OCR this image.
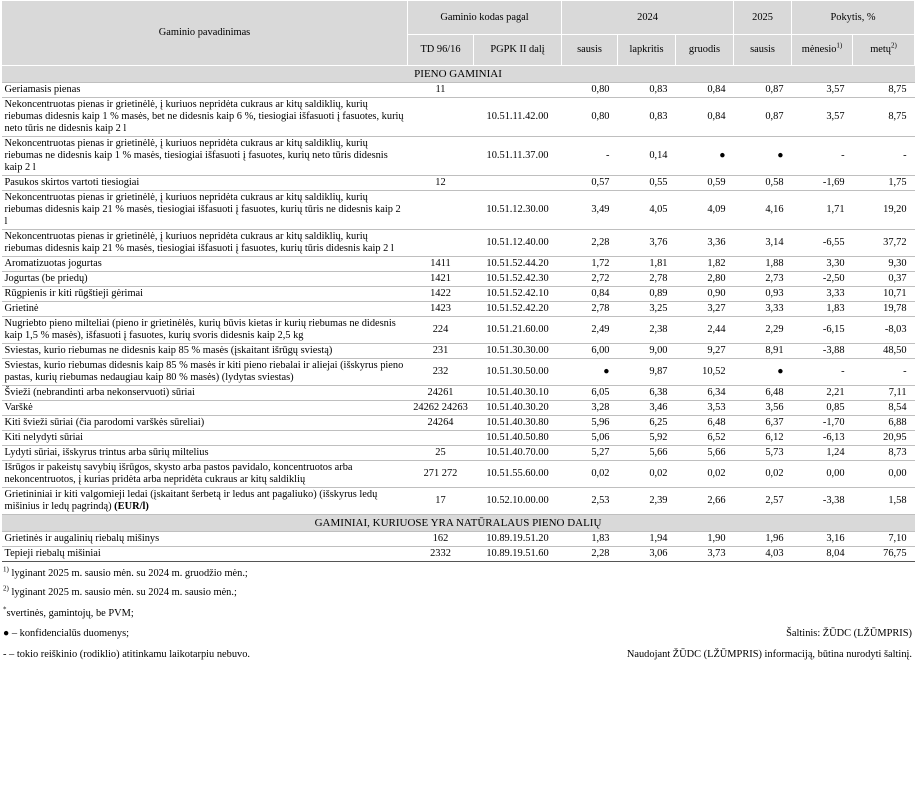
Gaminio pavadinimas	Gaminio kodas pagal		2024			2025	Pokytis, %	
	TD 96/16	PGPK II dalį	sausis	lapkritis	gruodis	sausis	mėnesio$^{1)}$	metų$^{2)}$
PIENO GAMINIAI								
Geriamasis pienas	11		0,80	0,83	0,84	0,87	3,57	8,75
Nekoncentruotas pienas ir grietinėlė, į kuriuos nepridėta cukraus ar kitų saldiklių, kurių riebumas didesnis kaip 1 % masės, bet ne didesnis kaip 6 %, tiesiogiai išfasuoti į fasuotes, kurių neto tūris ne didesnis kaip 2 l		10.51.11.42.00	0,80	0,83	0,84	0,87	3,57	8,75
Nekoncentruotas pienas ir grietinėlė, į kuriuos nepridėta cukraus ar kitų saldiklių, kurių riebumas ne didesnis kaip 1 % masės, tiesiogiai išfasuoti į fasuotes, kurių neto tūris didesnis kaip 2 l		10.51.11.37.00	-	0,14	●	●	-	-
Pasukos skirtos vartoti tiesiogiai	12		0,57	0,55	0,59	0,58	-1,69	1,75
Nekoncentruotas pienas ir grietinėlė, į kuriuos nepridėta cukraus ar kitų saldiklių, kurių riebumas didesnis kaip 21 % masės, tiesiogiai išfasuoti į fasuotes, kurių tūris ne didesnis kaip 2 l		10.51.12.30.00	3,49	4,05	4,09	4,16	1,71	19,20
Nekoncentruotas pienas ir grietinėlė, į kuriuos nepridėta cukraus ar kitų saldiklių, kurių riebumas didesnis kaip 21 % masės, tiesiogiai išfasuoti į fasuotes, kurių tūris didesnis kaip 2 l		10.51.12.40.00	2,28	3,76	3,36	3,14	-6,55	37,72
Aromatizuotas jogurtas	1411	10.51.52.44.20	1,72	1,81	1,82	1,88	3,30	9,30
Jogurtas (be priedų)	1421	10.51.52.42.30	2,72	2,78	2,80	2,73	-2,50	0,37
Rūgpienis ir kiti rūgštieji gėrimai	1422	10.51.52.42.10	0,84	0,89	0,90	0,93	3,33	10,71
Grietinė	1423	10.51.52.42.20	2,78	3,25	3,27	3,33	1,83	19,78
Nugriebto pieno milteliai (pieno ir grietinėlės, kurių būvis kietas ir kurių riebumas ne didesnis kaip 1,5 % masės), išfasuoti į fasuotes, kurių svoris didesnis kaip 2,5 kg	224	10.51.21.60.00	2,49	2,38	2,44	2,29	-6,15	-8,03
Sviestas, kurio riebumas ne didesnis kaip 85 % masės (įskaitant išrūgų sviestą)	231	10.51.30.30.00	6,00	9,00	9,27	8,91	-3,88	48,50
Sviestas, kurio riebumas didesnis kaip 85 % masės ir kiti pieno riebalai ir aliejai (išskyrus pieno pastas, kurių riebumas nedaugiau kaip 80 % masės) (lydytas sviestas)	232	10.51.30.50.00	●	9,87	10,52	●	-	-
Švieži (nebrandinti arba nekonservuoti) sūriai	24261	10.51.40.30.10	6,05	6,38	6,34	6,48	2,21	7,11
Varškė	24262 24263	10.51.40.30.20	3,28	3,46	3,53	3,56	0,85	8,54
Kiti švieži sūriai (čia parodomi varškės sūreliai)	24264	10.51.40.30.80	5,96	6,25	6,48	6,37	-1,70	6,88
Kiti nelydyti sūriai		10.51.40.50.80	5,06	5,92	6,52	6,12	-6,13	20,95
Lydyti sūriai, išskyrus trintus arba sūrių miltelius	25	10.51.40.70.00	5,27	5,66	5,66	5,73	1,24	8,73
Išrūgos ir pakeistų savybių išrūgos, skysto arba pastos pavidalo, koncentruotos arba nekoncentruotos, į kurias pridėta arba nepridėta cukraus ar kitų saldiklių	271 272	10.51.55.60.00	0,02	0,02	0,02	0,02	0,00	0,00
Grietininiai ir kiti valgomieji ledai (įskaitant šerbetą ir ledus ant pagaliuko) (išskyrus ledų mišinius ir ledų pagrindą) (EUR/l)	17	10.52.10.00.00	2,53	2,39	2,66	2,57	-3,38	1,58
GAMINIAI, KURIUOSE YRA NATŪRALAUS PIENO DALIŲ								
Grietinės ir augalinių riebalų mišinys	162	10.89.19.51.20	1,83	1,94	1,90	1,96	3,16	7,10
Tepieji riebalų mišiniai	2332	10.89.19.51.60	2,28	3,06	3,73	4,03	8,04	76,75
$^{1)}$ lyginant 2025 m. sausio mėn. su 2024 m. gruodžio mėn.;
$^{2)}$ lyginant 2025 m. sausio mėn. su 2024 m. sausio mėn.;
*svertinės, gamintojų, be PVM;
● – konfidencialūs duomenys;	Šaltinis: ŽŪDC (LŽŪMPRIS)
- – tokio reiškinio (rodiklio) atitinkamu laikotarpiu nebuvo.	Naudojant ŽŪDC (LŽŪMPRIS) informaciją, būtina nurodyti šaltinį.
